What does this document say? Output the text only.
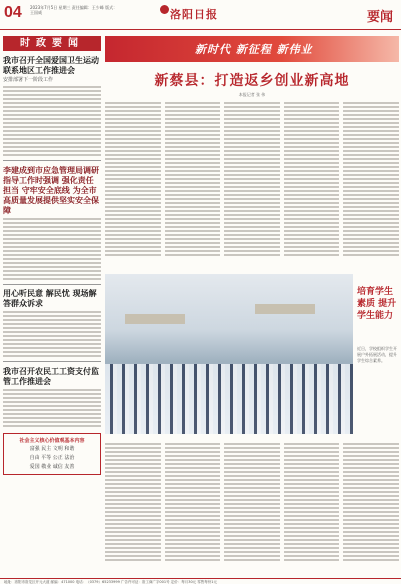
04 2023年7月5日 星期三 责任编辑：王少峰 版式：王国威	洛阳日报	要闻
时政要闻
我市召开全国爱国卫生运动联系地区工作推进会
安排部署下一阶段工作
李建成到市应急管理局调研指导工作时强调 强化责任担当 守牢安全底线 为全市高质量发展提供坚实安全保障
用心听民意 解民忧 现场解答群众诉求
我市召开农民工工资支付监管工作推进会
社会主义核心价值观基本内容
富强 民主 文明 和谐
自由 平等 公正 法治
爱国 敬业 诚信 友善
新时代 新征程 新伟业
新蔡县：打造返乡创业新高地
本报记者 张 伟
培育学生素质 提升学生能力
近日，学校组织学生开展户外拓展活动，提升学生综合素养。
地址：洛阳市洛龙区开元大道 邮编：471000 电话：（0379）65233999 广告许可证：洛工商广字001号 定价：每月30元 零售每份1元
